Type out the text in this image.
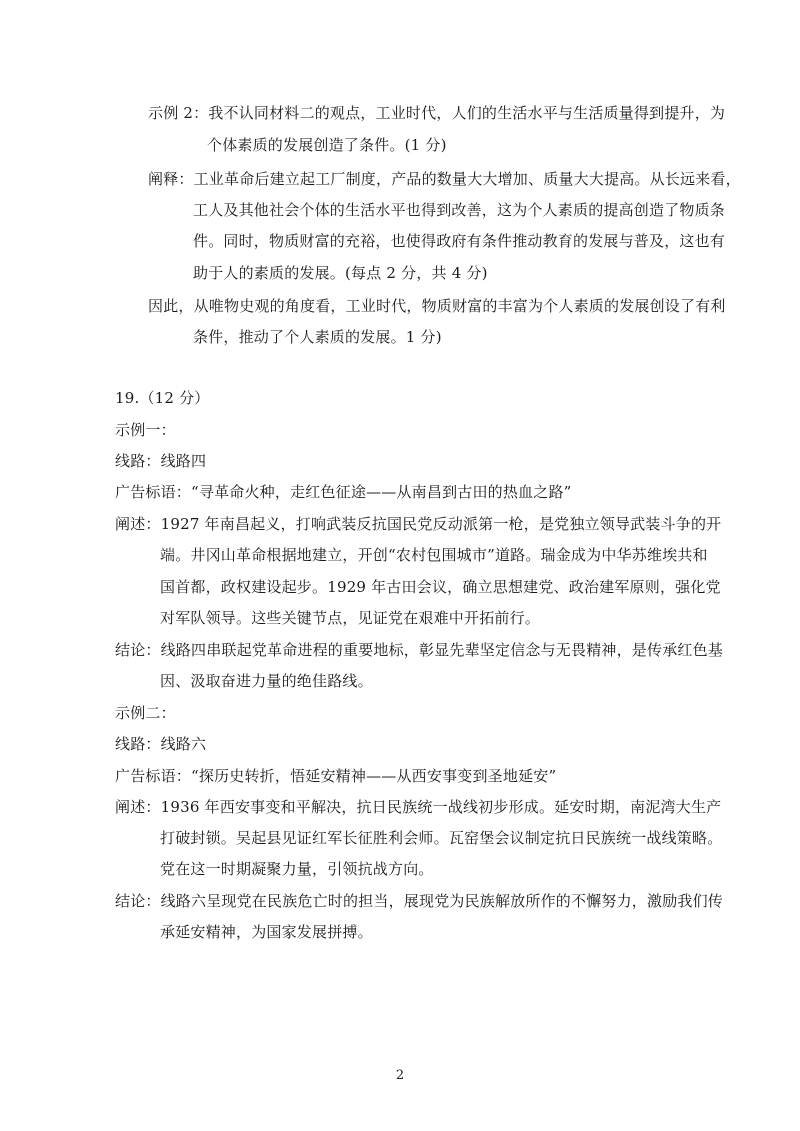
示例 2：我不认同材料二的观点，工业时代，人们的生活水平与生活质量得到提升，为
个体素质的发展创造了条件。(1 分)
阐释：工业革命后建立起工厂制度，产品的数量大大增加、质量大大提高。从长远来看，
工人及其他社会个体的生活水平也得到改善，这为个人素质的提高创造了物质条
件。同时，物质财富的充裕，也使得政府有条件推动教育的发展与普及，这也有
助于人的素质的发展。(每点 2 分，共 4 分)
因此，从唯物史观的角度看，工业时代，物质财富的丰富为个人素质的发展创设了有利
条件，推动了个人素质的发展。1 分)
19.（12 分）
示例一：
线路：线路四
广告标语：“寻革命火种，走红色征途——从南昌到古田的热血之路”
阐述：1927 年南昌起义，打响武装反抗国民党反动派第一枪，是党独立领导武装斗争的开
端。井冈山革命根据地建立，开创“农村包围城市”道路。瑞金成为中华苏维埃共和
国首都，政权建设起步。1929 年古田会议，确立思想建党、政治建军原则，强化党
对军队领导。这些关键节点，见证党在艰难中开拓前行。
结论：线路四串联起党革命进程的重要地标，彰显先辈坚定信念与无畏精神，是传承红色基
因、汲取奋进力量的绝佳路线。
示例二：
线路：线路六
广告标语：“探历史转折，悟延安精神——从西安事变到圣地延安”
阐述：1936 年西安事变和平解决，抗日民族统一战线初步形成。延安时期，南泥湾大生产
打破封锁。吴起县见证红军长征胜利会师。瓦窑堡会议制定抗日民族统一战线策略。
党在这一时期凝聚力量，引领抗战方向。
结论：线路六呈现党在民族危亡时的担当，展现党为民族解放所作的不懈努力，激励我们传
承延安精神，为国家发展拼搏。
2
